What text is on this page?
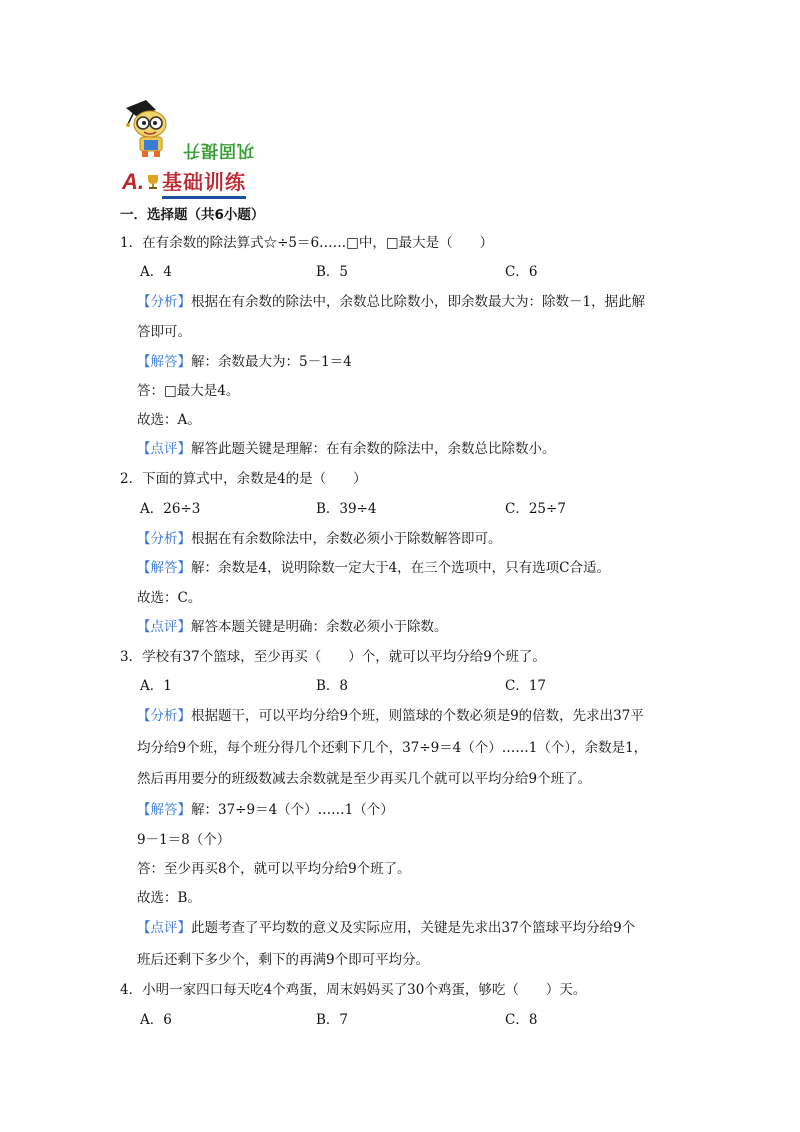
巩固提升
A. 基础训练
一．选择题（共6小题）
1．在有余数的除法算式☆÷5＝6……□中，□最大是（　　）
A．4	B．5	C．6
【分析】根据在有余数的除法中，余数总比除数小，即余数最大为：除数－1，据此解
答即可。
【解答】解：余数最大为：5－1＝4
答：□最大是4。
故选：A。
【点评】解答此题关键是理解：在有余数的除法中，余数总比除数小。
2．下面的算式中，余数是4的是（　　）
A．26÷3	B．39÷4	C．25÷7
【分析】根据在有余数除法中，余数必须小于除数解答即可。
【解答】解：余数是4，说明除数一定大于4，在三个选项中，只有选项C合适。
故选：C。
【点评】解答本题关键是明确：余数必须小于除数。
3．学校有37个篮球，至少再买（　　）个，就可以平均分给9个班了。
A．1	B．8	C．17
【分析】根据题干，可以平均分给9个班，则篮球的个数必须是9的倍数，先求出37平
均分给9个班，每个班分得几个还剩下几个，37÷9＝4（个）……1（个），余数是1，
然后再用要分的班级数减去余数就是至少再买几个就可以平均分给9个班了。
【解答】解：37÷9＝4（个）……1（个）
9－1＝8（个）
答：至少再买8个，就可以平均分给9个班了。
故选：B。
【点评】此题考查了平均数的意义及实际应用，关键是先求出37个篮球平均分给9个
班后还剩下多少个，剩下的再满9个即可平均分。
4．小明一家四口每天吃4个鸡蛋，周末妈妈买了30个鸡蛋，够吃（　　）天。
A．6	B．7	C．8
